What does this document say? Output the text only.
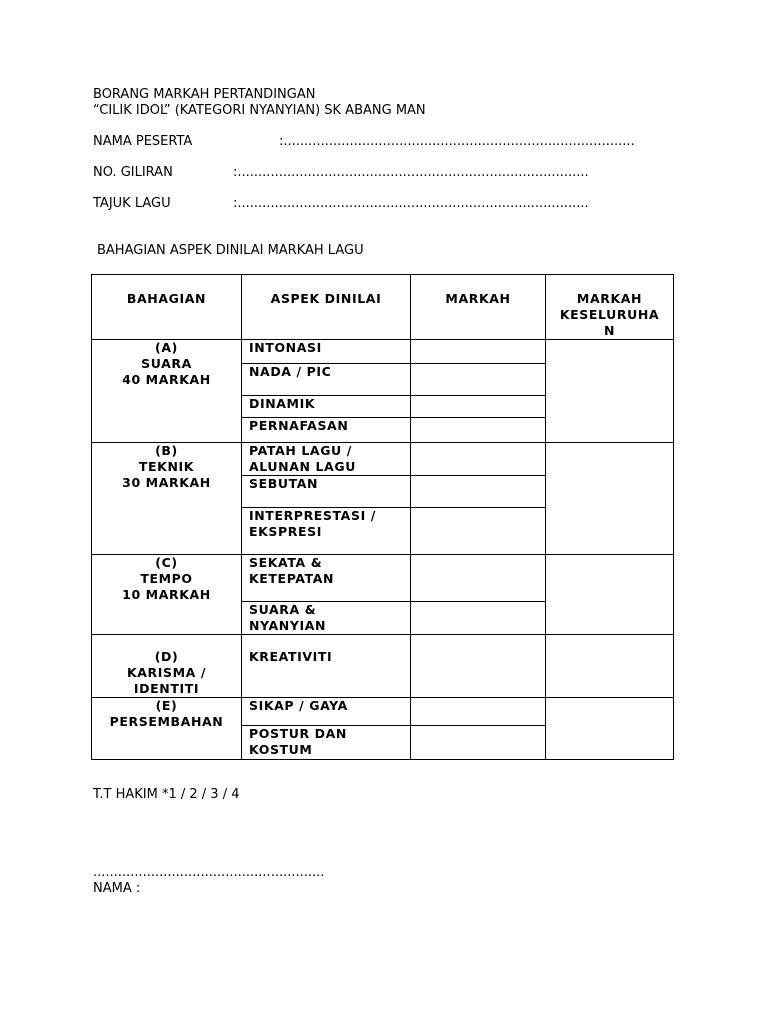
BORANG MARKAH PERTANDINGAN
“CILIK IDOL” (KATEGORI NYANYIAN) SK ABANG MAN
NAMA PESERTA	:.....................................................................................
NO. GILIRAN	:.....................................................................................
TAJUK LAGU	:.....................................................................................
BAHAGIAN ASPEK DINILAI MARKAH LAGU
BAHAGIAN	ASPEK DINILAI	MARKAH	MARKAH
KESELURUHA
N

(A)
SUARA
40 MARKAH	INTONASI		

	NADA / PIC		

	DINAMIK		

	PERNAFASAN		

(B)
TEKNIK
30 MARKAH	PATAH LAGU /
ALUNAN LAGU		

	SEBUTAN		

	INTERPRESTASI /
EKSPRESI		

(C)
TEMPO
10 MARKAH	SEKATA &
KETEPATAN		

	SUARA &
NYANYIAN		

(D)
KARISMA /
IDENTITI	KREATIVITI		

(E)
PERSEMBAHAN	SIKAP / GAYA		

	POSTUR DAN
KOSTUM		

T.T HAKIM *1 / 2 / 3 / 4
........................................................
NAMA :
